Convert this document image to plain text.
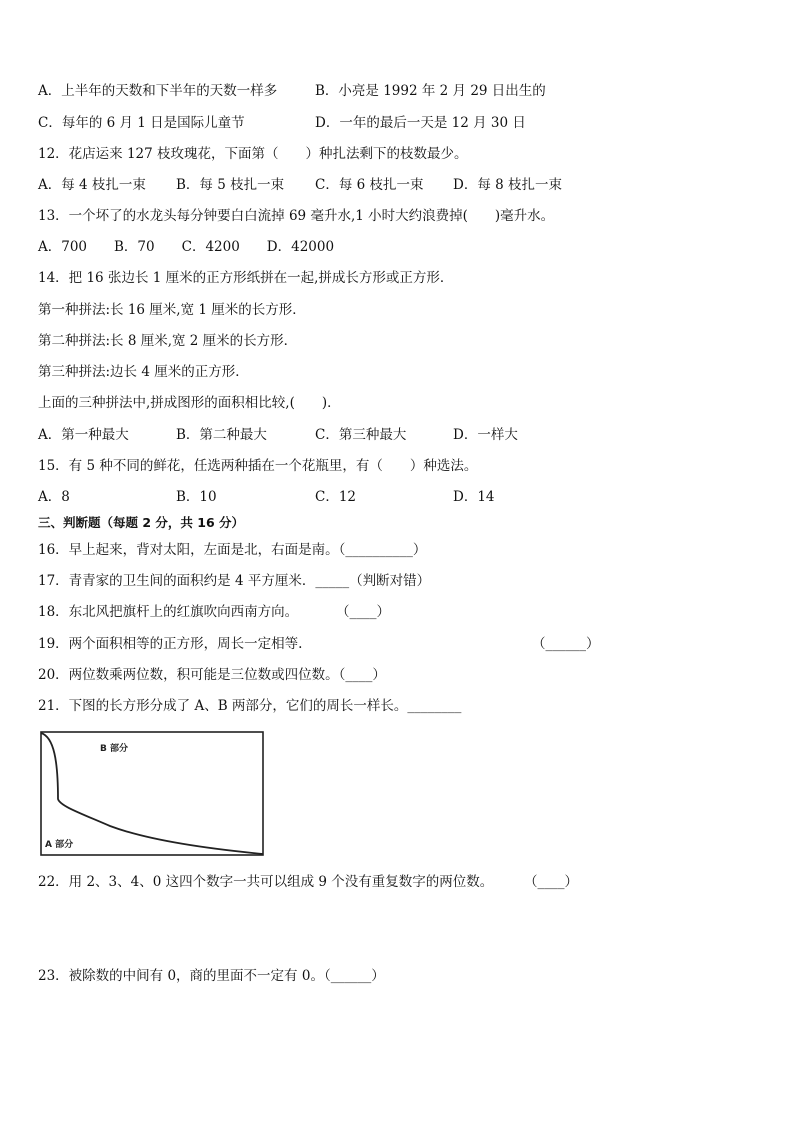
A．上半年的天数和下半年的天数一样多	B．小亮是 1992 年 2 月 29 日出生的
C．每年的 6 月 1 日是国际儿童节	D．一年的最后一天是 12 月 30 日
12．花店运来 127 枝玫瑰花，下面第（　　）种扎法剩下的枝数最少。
A．每 4 枝扎一束 B．每 5 枝扎一束 C．每 6 枝扎一束 D．每 8 枝扎一束
13．一个坏了的水龙头每分钟要白白流掉 69 毫升水,1 小时大约浪费掉(　　)毫升水。
A．700　　B．70　　C．4200　　D．42000
14．把 16 张边长 1 厘米的正方形纸拼在一起,拼成长方形或正方形．
第一种拼法:长 16 厘米,宽 1 厘米的长方形．
第二种拼法:长 8 厘米,宽 2 厘米的长方形．
第三种拼法:边长 4 厘米的正方形．
上面的三种拼法中,拼成图形的面积相比较,(　　)．
A．第一种最大	B．第二种最大	C．第三种最大	D．一样大
15．有 5 种不同的鲜花，任选两种插在一个花瓶里，有（　　）种选法。
A．8	B．10	C．12	D．14
三、判断题（每题 2 分，共 16 分）
16．早上起来，背对太阳，左面是北，右面是南。（__________）
17．青青家的卫生间的面积约是 4 平方厘米．_____（判断对错）
18．东北风把旗杆上的红旗吹向西南方向。	（____）
19．两个面积相等的正方形，周长一定相等.	（______）
20．两位数乘两位数，积可能是三位数或四位数。（____）
21．下图的长方形分成了 A、B 两部分，它们的周长一样长。________
B 部分
A 部分
22．用 2、3、4、0 这四个数字一共可以组成 9 个没有重复数字的两位数。 （____）
23．被除数的中间有 0，商的里面不一定有 0。（______）
